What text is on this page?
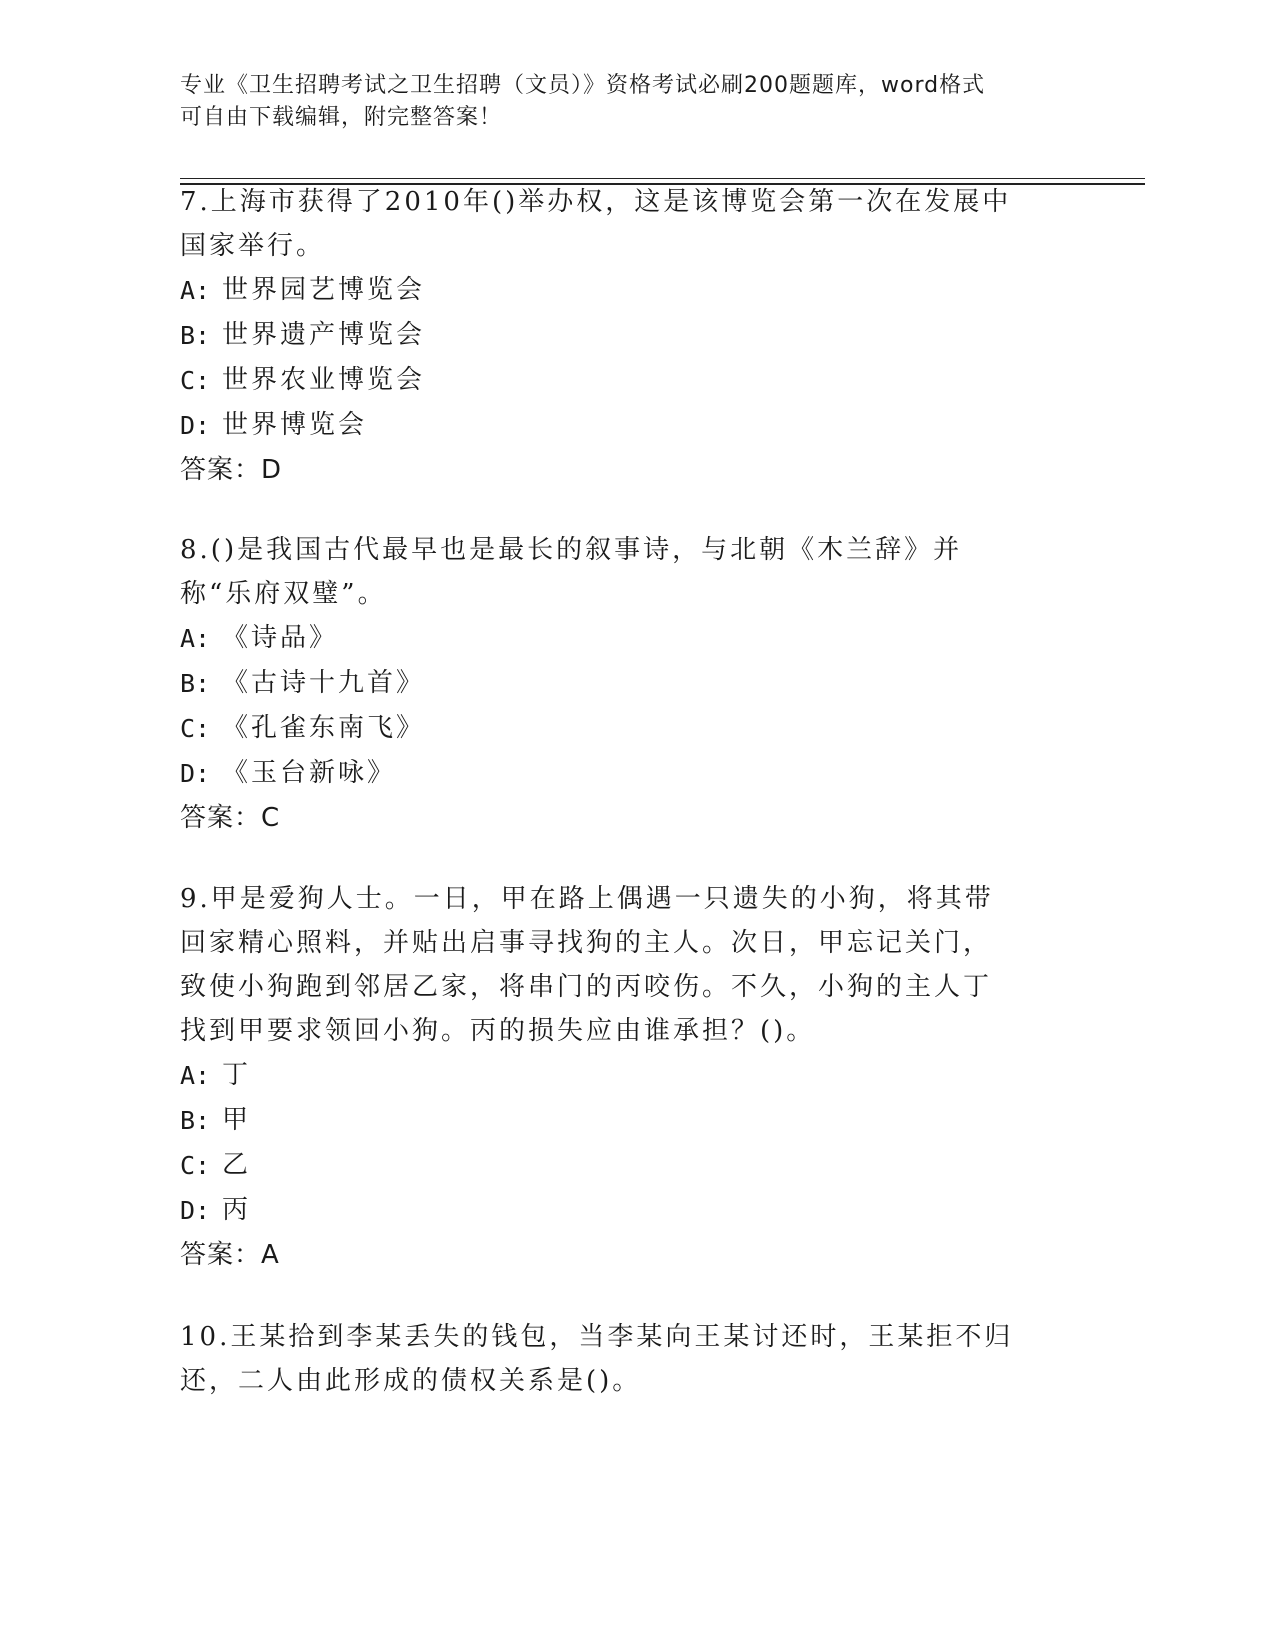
专业《卫生招聘考试之卫生招聘（文员）》资格考试必刷200题题库，word格式
可自由下载编辑，附完整答案！

7.上海市获得了2010年()举办权，这是该博览会第一次在发展中国家举行。

A: 世界园艺博览会
B: 世界遗产博览会
C: 世界农业博览会
D: 世界博览会

答案：D

8.()是我国古代最早也是最长的叙事诗，与北朝《木兰辞》并称“乐府双璧”。

A: 《诗品》
B: 《古诗十九首》
C: 《孔雀东南飞》
D: 《玉台新咏》

答案：C

9.甲是爱狗人士。一日，甲在路上偶遇一只遗失的小狗，将其带回家精心照料，并贴出启事寻找狗的主人。次日，甲忘记关门，致使小狗跑到邻居乙家，将串门的丙咬伤。不久，小狗的主人丁找到甲要求领回小狗。丙的损失应由谁承担？()。

A: 丁
B: 甲
C: 乙
D: 丙

答案：A

10.王某拾到李某丢失的钱包，当李某向王某讨还时，王某拒不归还，二人由此形成的债权关系是()。
